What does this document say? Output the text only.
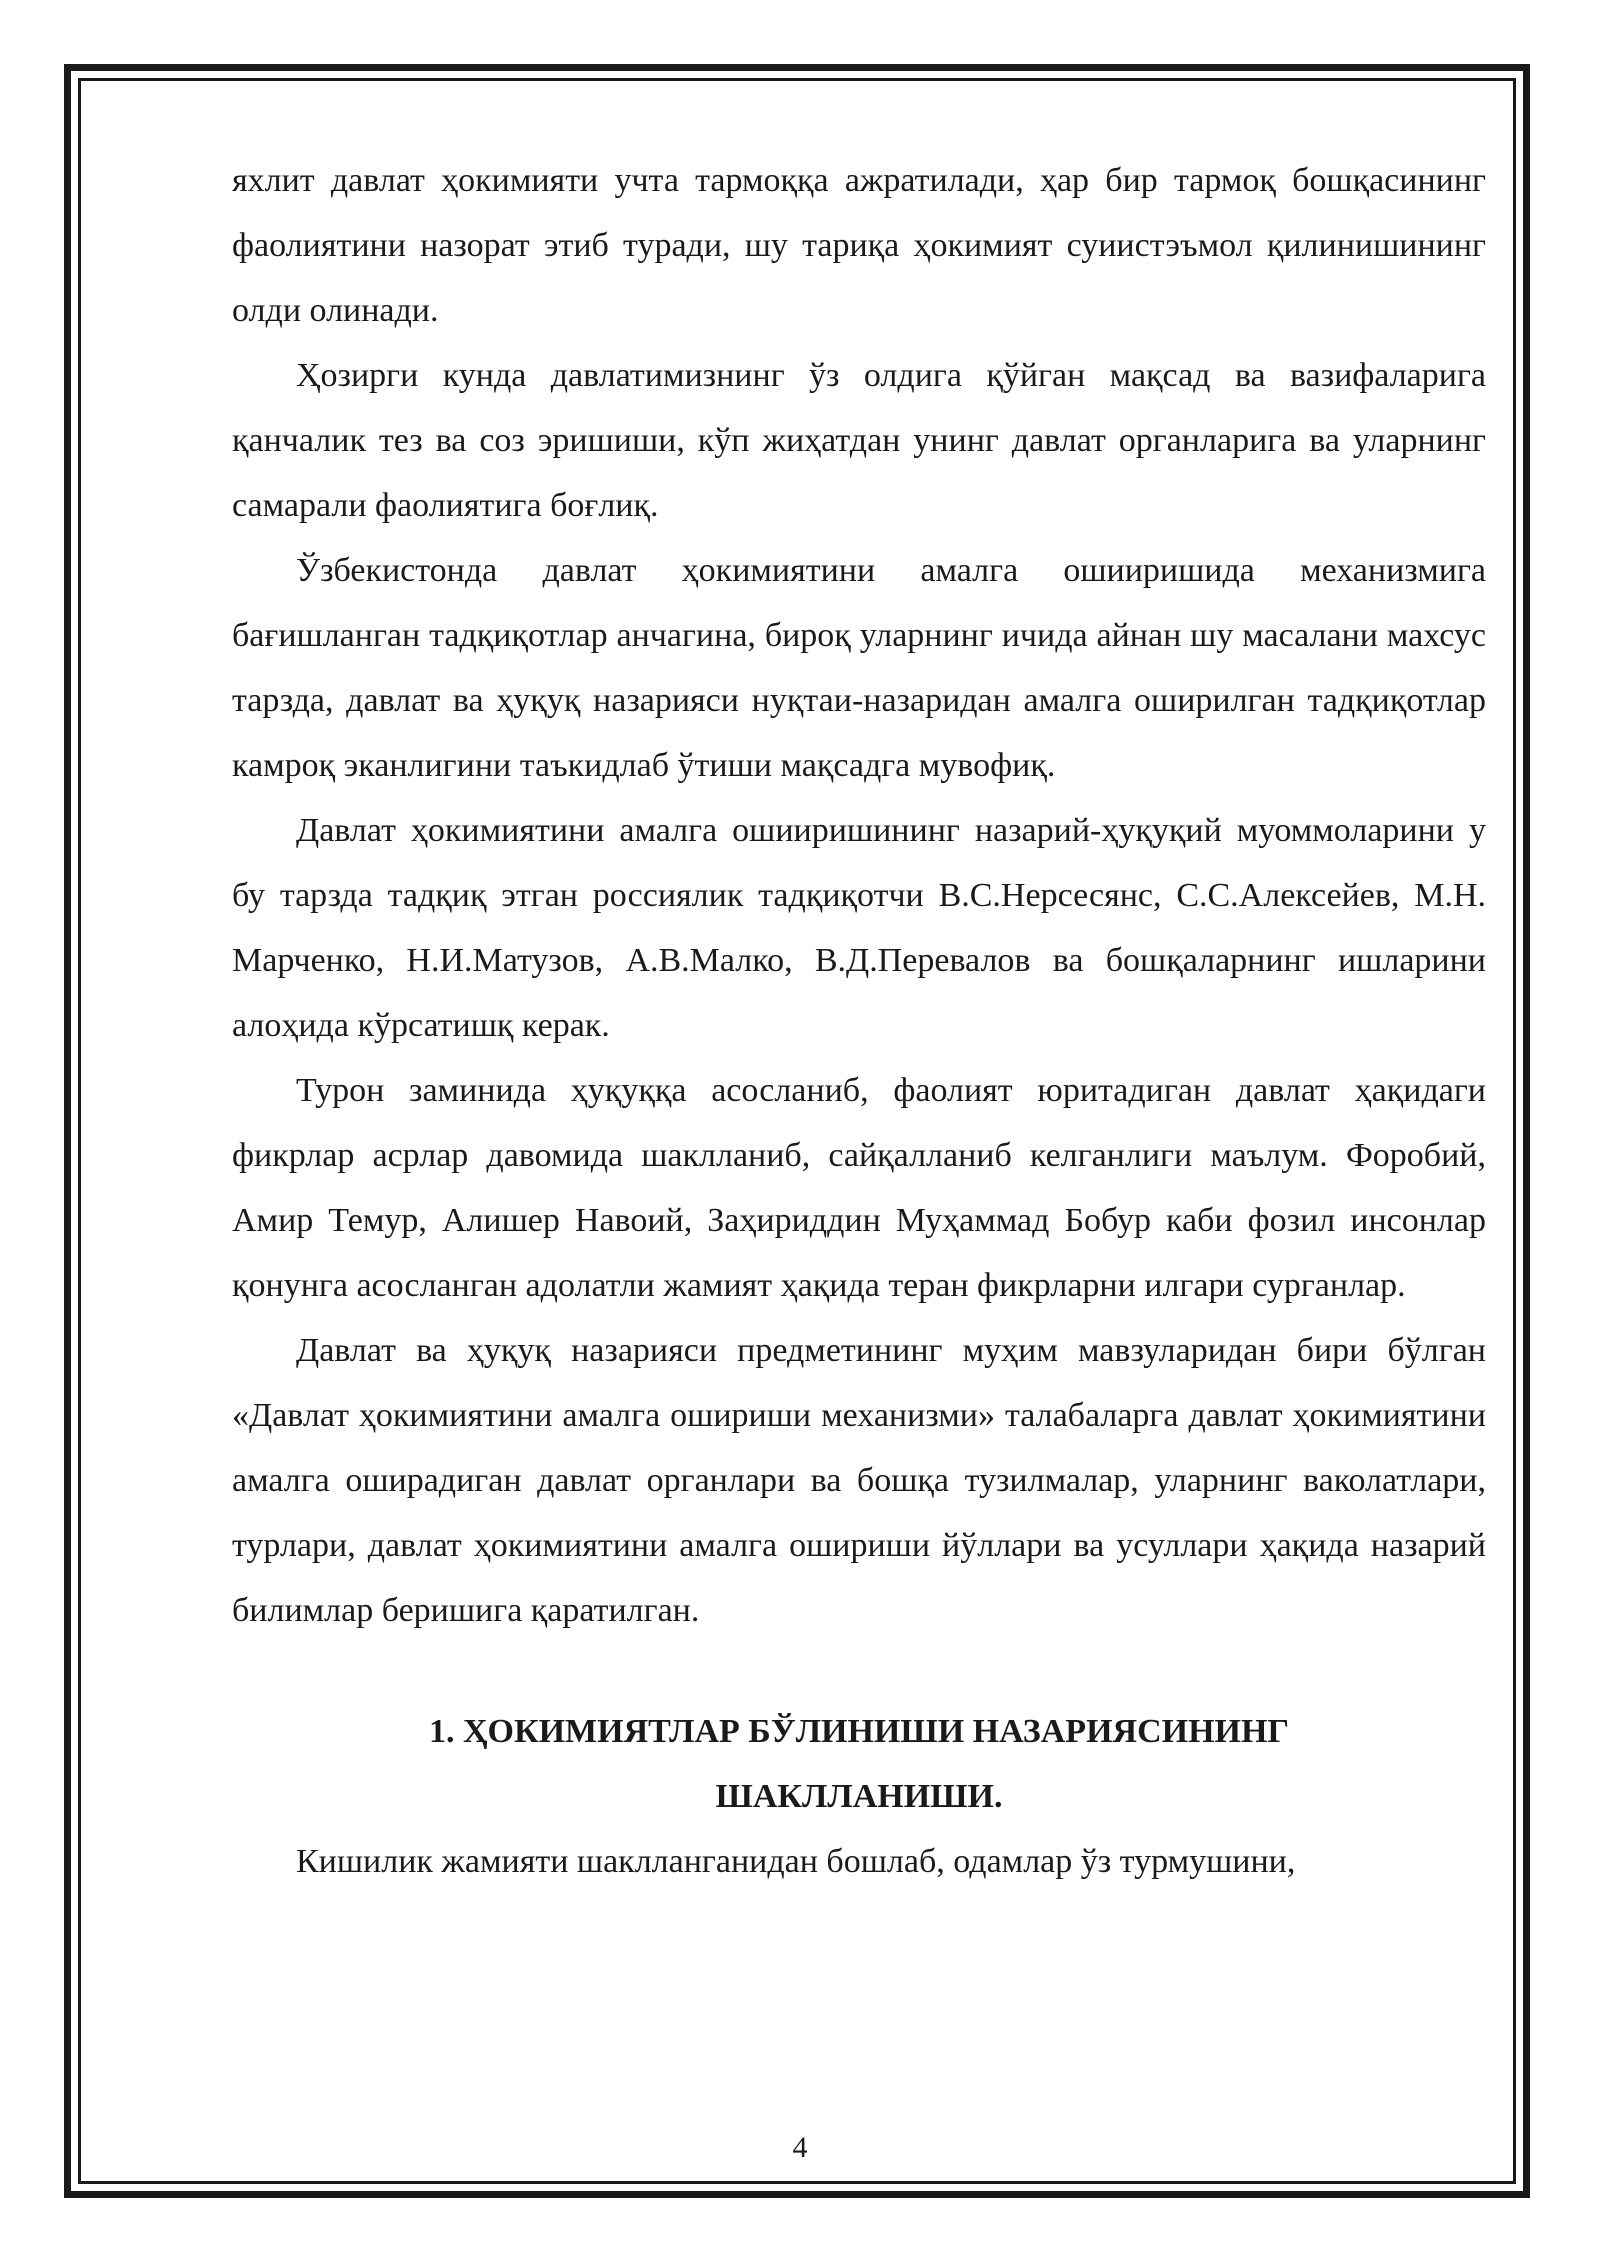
яхлит давлат ҳокимияти учта тармоққа ажратилади, ҳар бир тармоқ бошқасининг фаолиятини назорат этиб туради, шу тариқа ҳокимият суиистэъмол қилинишининг олди олинади.

Ҳозирги кунда давлатимизнинг ўз олдига қўйган мақсад ва вазифаларига қанчалик тез ва соз эришиши, кўп жиҳатдан унинг давлат органларига ва уларнинг самарали фаолиятига боғлиқ.

Ўзбекистонда давлат ҳокимиятини амалга ошииришида механизмига бағишланган тадқиқотлар анчагина, бироқ уларнинг ичида айнан шу масалани махсус тарзда, давлат ва ҳуқуқ назарияси нуқтаи-назаридан амалга оширилган тадқиқотлар камроқ эканлигини таъкидлаб ўтиши мақсадга мувофиқ.

Давлат ҳокимиятини амалга ошииришининг назарий-ҳуқуқий муоммоларини у бу тарзда тадқиқ этган россиялик тадқиқотчи В.С.Нерсесянс, С.С.Алексейев, М.Н. Марченко, Н.И.Матузов, А.В.Малко, В.Д.Перевалов ва бошқаларнинг ишларини алоҳида кўрсатишқ керак.

Турон заминида ҳуқуққа асосланиб, фаолият юритадиган давлат ҳақидаги фикрлар асрлар давомида шаклланиб, сайқалланиб келганлиги маълум. Форобий, Амир Темур, Алишер Навоий, Заҳириддин Муҳаммад Бобур каби фозил инсонлар қонунга асосланган адолатли жамият ҳақида теран фикрларни илгари сурганлар.

Давлат ва ҳуқуқ назарияси предметининг муҳим мавзуларидан бири бўлган «Давлат ҳокимиятини амалга ошириши механизми» талабаларга давлат ҳокимиятини амалга оширадиган давлат органлари ва бошқа тузилмалар, уларнинг ваколатлари, турлари, давлат ҳокимиятини амалга ошириши йўллари ва усуллари ҳақида назарий билимлар беришига қаратилган.

1. ҲОКИМИЯТЛАР БЎЛИНИШИ НАЗАРИЯСИНИНГ
ШАКЛЛАНИШИ.

Кишилик жамияти шаклланганидан бошлаб, одамлар ўз турмушини,

4
